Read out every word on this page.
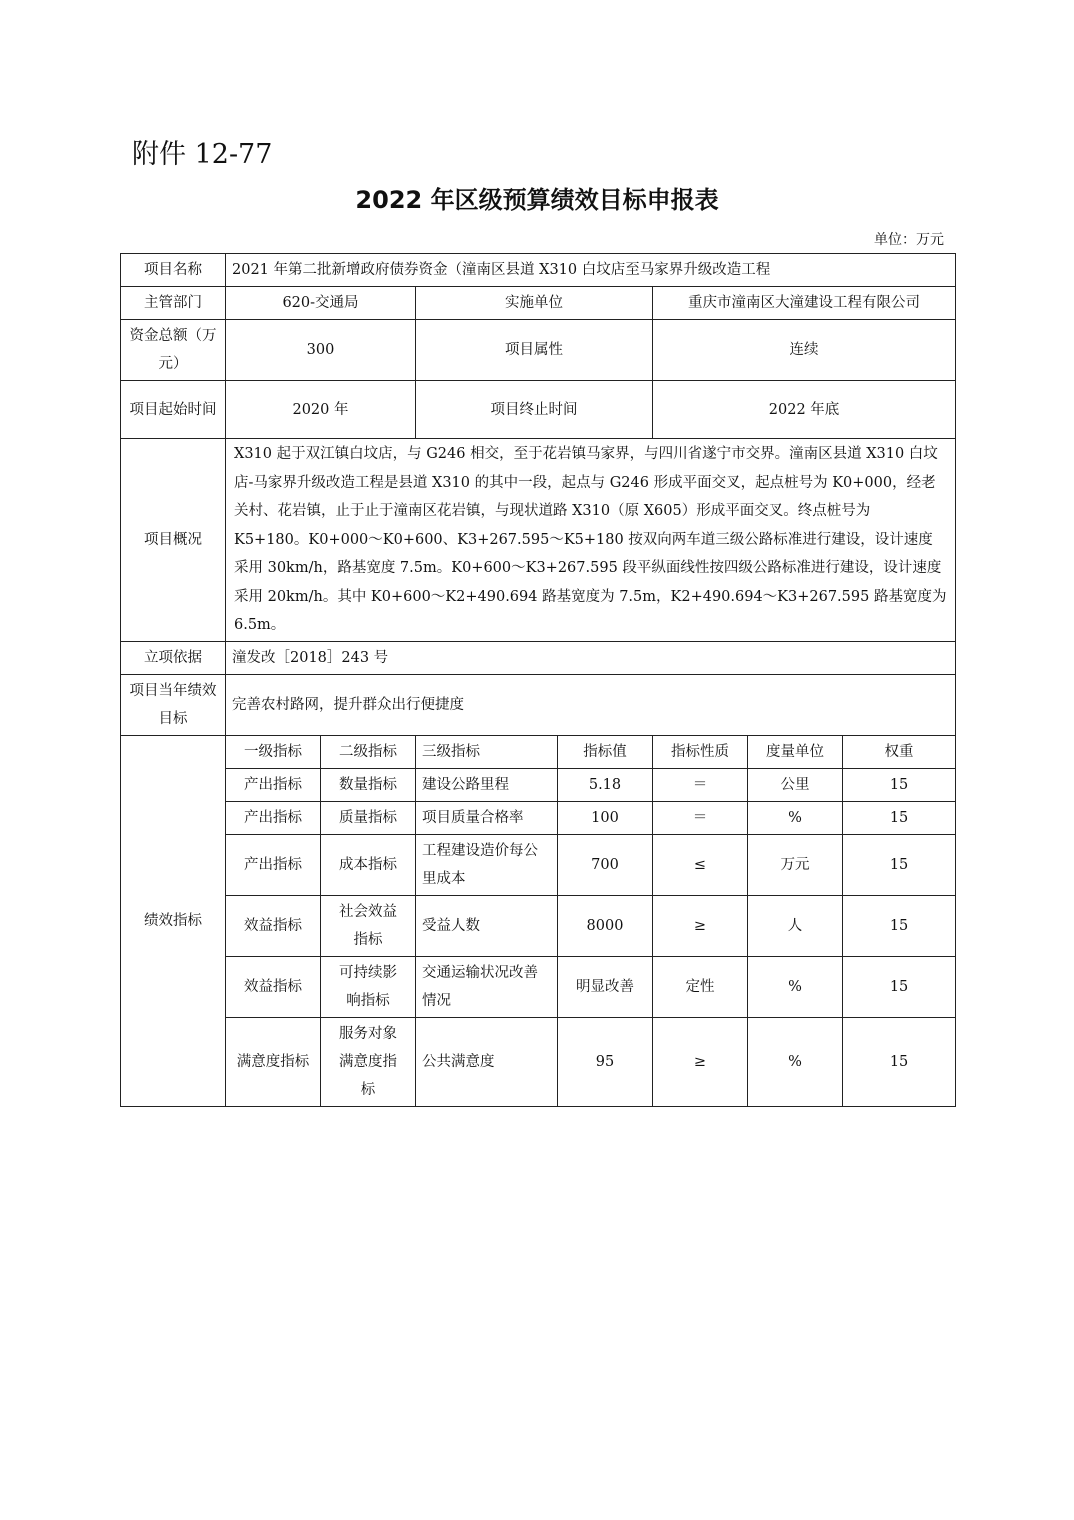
附件 12-77
2022 年区级预算绩效目标申报表
单位：万元
项目名称	2021 年第二批新增政府债券资金（潼南区县道 X310 白坟店至马家界升级改造工程						
主管部门	620-交通局		实施单位		重庆市潼南区大潼建设工程有限公司		
资金总额（万元）	300		项目属性		连续		
项目起始时间	2020 年		项目终止时间		2022 年底		
项目概况	X310 起于双江镇白坟店，与 G246 相交，至于花岩镇马家界，与四川省遂宁市交界。潼南区县道 X310 白坟店-马家界升级改造工程是县道 X310 的其中一段，起点与 G246 形成平面交叉，起点桩号为 K0+000，经老关村、花岩镇，止于止于潼南区花岩镇，与现状道路 X310（原 X605）形成平面交叉。终点桩号为 K5+180。K0+000～K0+600、K3+267.595～K5+180 按双向两车道三级公路标准进行建设，设计速度采用 30km/h，路基宽度 7.5m。K0+600～K3+267.595 段平纵面线性按四级公路标准进行建设，设计速度采用 20km/h。其中 K0+600～K2+490.694 路基宽度为 7.5m，K2+490.694～K3+267.595 路基宽度为 6.5m。						
立项依据	潼发改［2018］243 号						
项目当年绩效目标	完善农村路网，提升群众出行便捷度						
绩效指标	一级指标	二级指标	三级指标	指标值	指标性质	度量单位	权重
	产出指标	数量指标	建设公路里程	5.18	＝	公里	15
	产出指标	质量指标	项目质量合格率	100	＝	%	15
	产出指标	成本指标	工程建设造价每公里成本	700	≤	万元	15
	效益指标	社会效益指标	受益人数	8000	≥	人	15
	效益指标	可持续影响指标	交通运输状况改善情况	明显改善	定性	%	15
	满意度指标	服务对象满意度指标	公共满意度	95	≥	%	15
